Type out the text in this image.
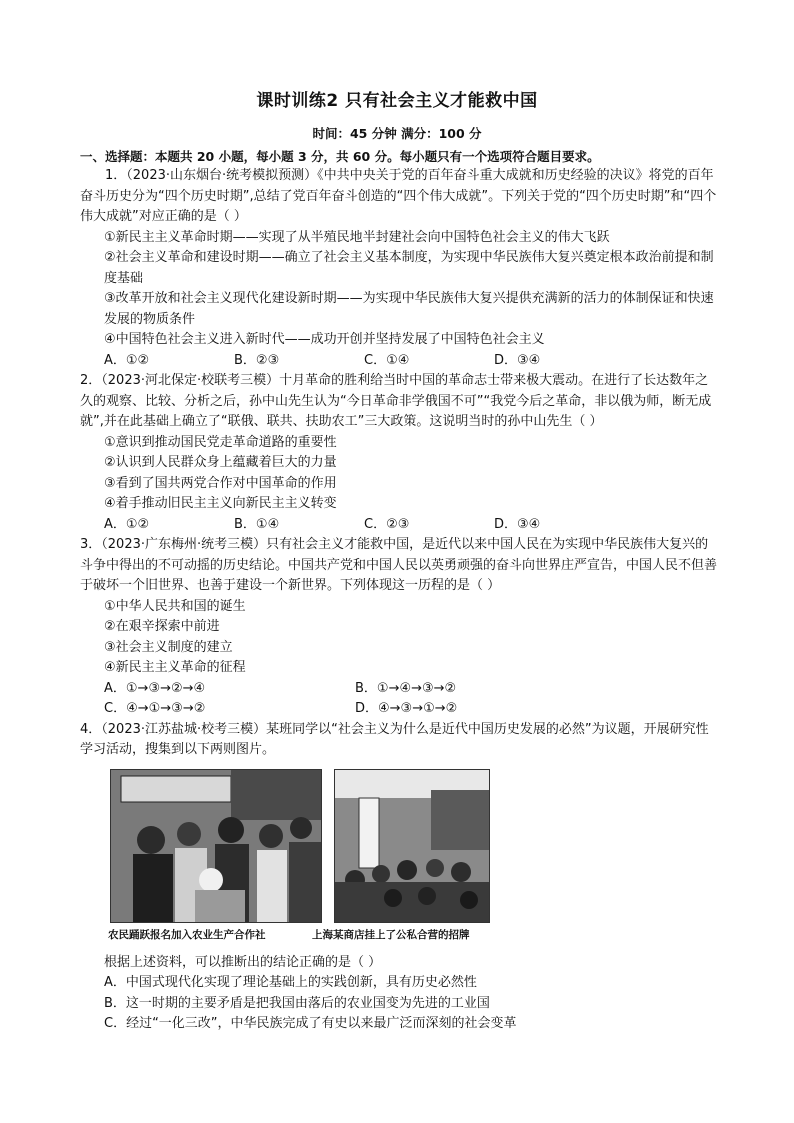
课时训练2 只有社会主义才能救中国
时间：45 分钟 满分：100 分
一、选择题：本题共 20 小题，每小题 3 分，共 60 分。每小题只有一个选项符合题目要求。

1．（2023·山东烟台·统考模拟预测）《中共中央关于党的百年奋斗重大成就和历史经验的决议》将党的百年奋斗历史分为“四个历史时期”,总结了党百年奋斗创造的“四个伟大成就”。下列关于党的“四个历史时期”和“四个伟大成就”对应正确的是（ ）

①新民主主义革命时期——实现了从半殖民地半封建社会向中国特色社会主义的伟大飞跃

②社会主义革命和建设时期——确立了社会主义基本制度，为实现中华民族伟大复兴奠定根本政治前提和制度基础

③改革开放和社会主义现代化建设新时期——为实现中华民族伟大复兴提供充满新的活力的体制保证和快速发展的物质条件

④中国特色社会主义进入新时代——成功开创并坚持发展了中国特色社会主义

A．①②	B．②③	C．①④	D．③④

2．（2023·河北保定·校联考三模）十月革命的胜利给当时中国的革命志士带来极大震动。在进行了长达数年之久的观察、比较、分析之后，孙中山先生认为“今日革命非学俄国不可”“我党今后之革命，非以俄为师，断无成就”,并在此基础上确立了“联俄、联共、扶助农工”三大政策。这说明当时的孙中山先生（ ）

①意识到推动国民党走革命道路的重要性

②认识到人民群众身上蕴藏着巨大的力量

③看到了国共两党合作对中国革命的作用

④着手推动旧民主主义向新民主主义转变

A．①②	B．①④	C．②③	D．③④

3．（2023·广东梅州·统考三模）只有社会主义才能救中国，是近代以来中国人民在为实现中华民族伟大复兴的斗争中得出的不可动摇的历史结论。中国共产党和中国人民以英勇顽强的奋斗向世界庄严宣告，中国人民不但善于破坏一个旧世界、也善于建设一个新世界。下列体现这一历程的是（ ）

①中华人民共和国的诞生

②在艰辛探索中前进

③社会主义制度的建立

④新民主主义革命的征程

A．①→③→②→④	B．①→④→③→②
C．④→①→③→②	D．④→③→①→②

4．（2023·江苏盐城·校考三模）某班同学以“社会主义为什么是近代中国历史发展的必然”为议题，开展研究性学习活动，搜集到以下两则图片。

农民踊跃报名加入农业生产合作社	上海某商店挂上了公私合营的招牌

根据上述资料，可以推断出的结论正确的是（ ）

A．中国式现代化实现了理论基础上的实践创新，具有历史必然性

B．这一时期的主要矛盾是把我国由落后的农业国变为先进的工业国

C．经过“一化三改”，中华民族完成了有史以来最广泛而深刻的社会变革
